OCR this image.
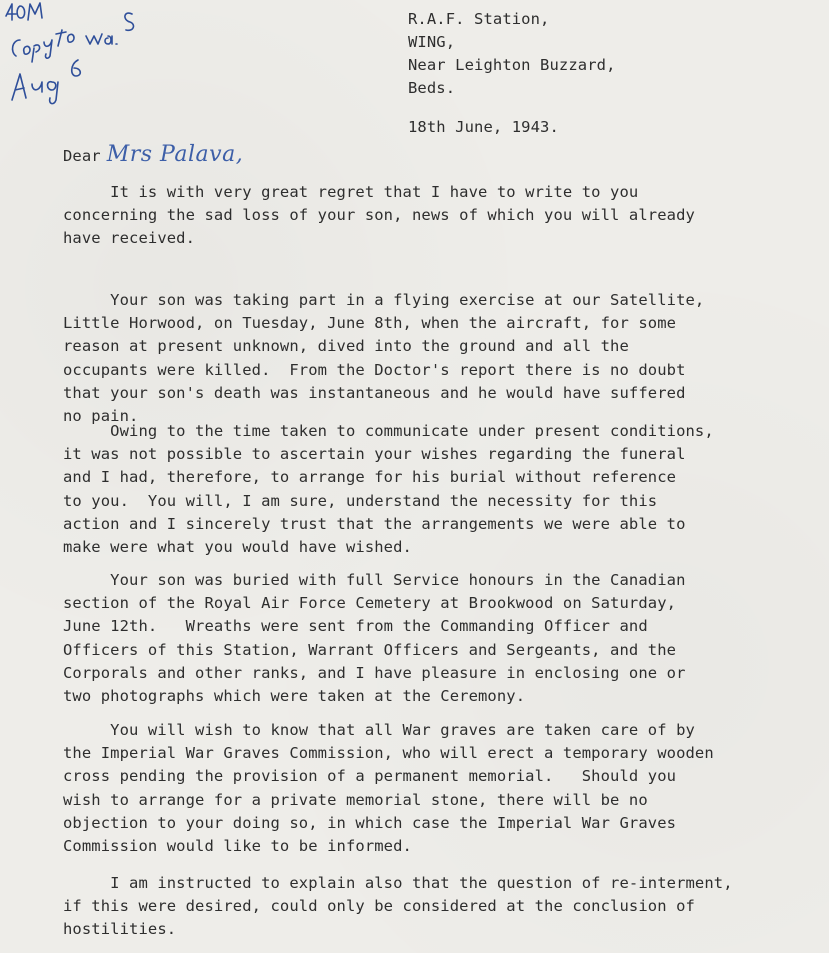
R.A.F. Station,
WING,
Near Leighton Buzzard,
Beds.
18th June, 1943.
Dear Mrs Palava,
It is with very great regret that I have to write to you
concerning the sad loss of your son, news of which you will already
have received.
Your son was taking part in a flying exercise at our Satellite,
Little Horwood, on Tuesday, June 8th, when the aircraft, for some
reason at present unknown, dived into the ground and all the
occupants were killed.  From the Doctor's report there is no doubt
that your son's death was instantaneous and he would have suffered
no pain.
Owing to the time taken to communicate under present conditions,
it was not possible to ascertain your wishes regarding the funeral
and I had, therefore, to arrange for his burial without reference
to you.  You will, I am sure, understand the necessity for this
action and I sincerely trust that the arrangements we were able to
make were what you would have wished.
Your son was buried with full Service honours in the Canadian
section of the Royal Air Force Cemetery at Brookwood on Saturday,
June 12th.   Wreaths were sent from the Commanding Officer and
Officers of this Station, Warrant Officers and Sergeants, and the
Corporals and other ranks, and I have pleasure in enclosing one or
two photographs which were taken at the Ceremony.
You will wish to know that all War graves are taken care of by
the Imperial War Graves Commission, who will erect a temporary wooden
cross pending the provision of a permanent memorial.   Should you
wish to arrange for a private memorial stone, there will be no
objection to your doing so, in which case the Imperial War Graves
Commission would like to be informed.
I am instructed to explain also that the question of re-interment,
if this were desired, could only be considered at the conclusion of
hostilities.
